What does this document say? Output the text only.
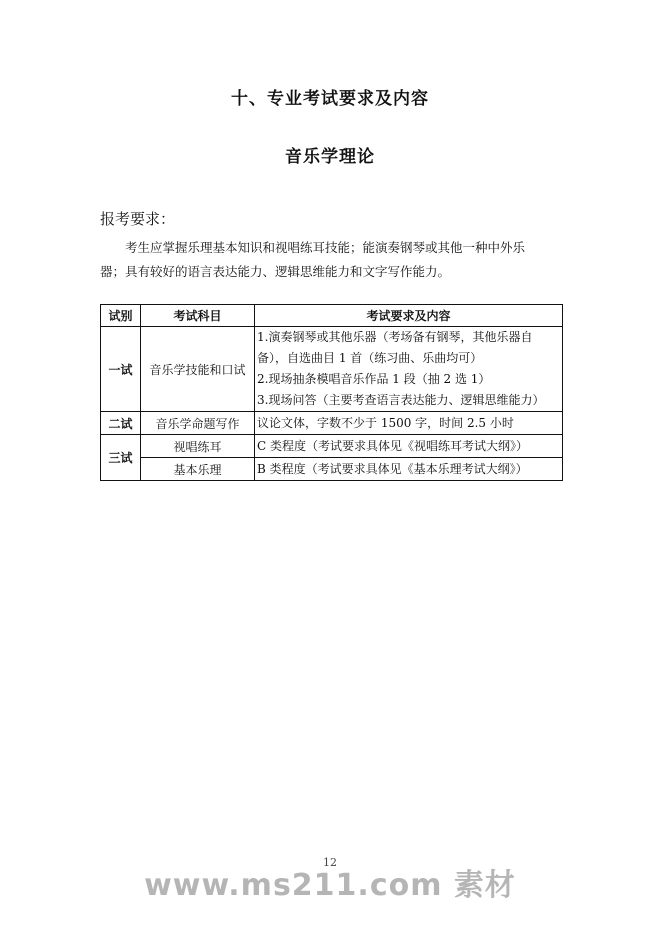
十、专业考试要求及内容
音乐学理论
报考要求：
考生应掌握乐理基本知识和视唱练耳技能；能演奏钢琴或其他一种中外乐
器；具有较好的语言表达能力、逻辑思维能力和文字写作能力。
试别	考试科目	考试要求及内容
一试	音乐学技能和口试	1.演奏钢琴或其他乐器（考场备有钢琴，其他乐器自
备），自选曲目 1 首（练习曲、乐曲均可）
2.现场抽条模唱音乐作品 1 段（抽 2 选 1）
3.现场问答（主要考查语言表达能力、逻辑思维能力）

二试	音乐学命题写作	议论文体，字数不少于 1500 字，时间 2.5 小时

三试	视唱练耳	C 类程度（考试要求具体见《视唱练耳考试大纲》）

	基本乐理	B 类程度（考试要求具体见《基本乐理考试大纲》）
12
www.ms211.com 素材
